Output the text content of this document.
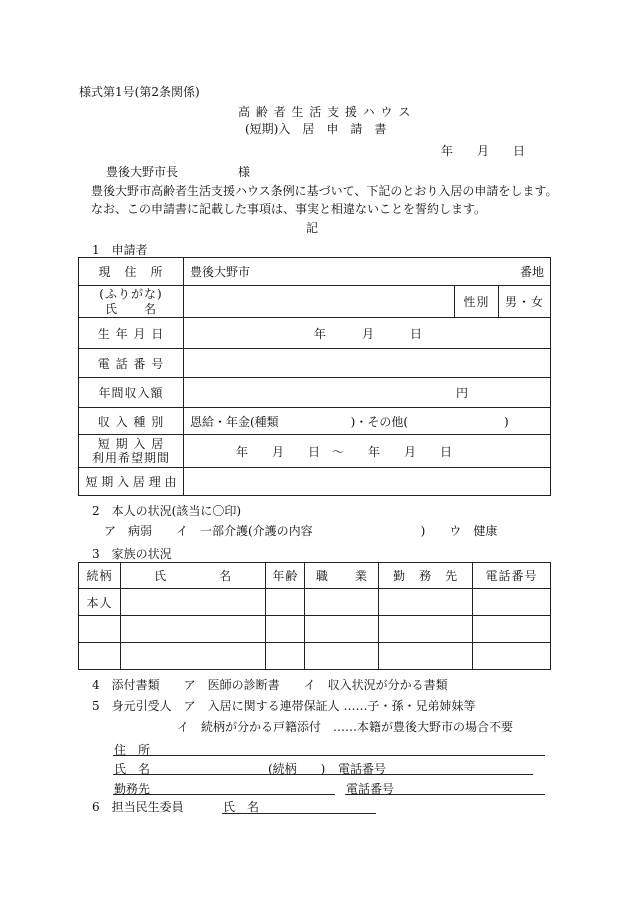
様式第1号(第2条関係)
高 齢 者 生 活 支 援 ハ ウ ス
(短期)入　居　申　請　書
年　　月　　日
豊後大野市長　　　　　様
豊後大野市高齢者生活支援ハウス条例に基づいて、下記のとおり入居の申請をします。
なお、この申請書に記載した事項は、事実と相違ないことを誓約します。
記
1　申請者
現　住　所	豊後大野市 番地		

(ふりがな)
氏　　名		性別	男・女
生 年 月 日	年　　　月　　　日		
電 話 番 号			
年間収入額	円		
収 入 種 別	恩給・年金(種類　　　　　　)・その他(　　　　　　　　)		

短 期 入 居
利用希望期間	年　　月　　日　～　　年　　月　　日		
短 期 入 居 理 由			
2　本人の状況(該当に〇印)
ア　病弱　　イ　一部介護(介護の内容　　　　　　　　　)　　ウ　健康
3　家族の状況
続柄	氏　　　　名	年齢	職　　業	勤　務　先	電話番号
本人					

4　添付書類　　ア　医師の診断書　　イ　収入状況が分かる書類
5　身元引受人　ア　入居に関する連帯保証人 ……子・孫・兄弟姉妹等
イ　続柄が分かる戸籍添付　……本籍が豊後大野市の場合不要
住　所
氏　名	(続柄　　) 電話番号
勤務先	電話番号
6　担当民生委員	氏　名
